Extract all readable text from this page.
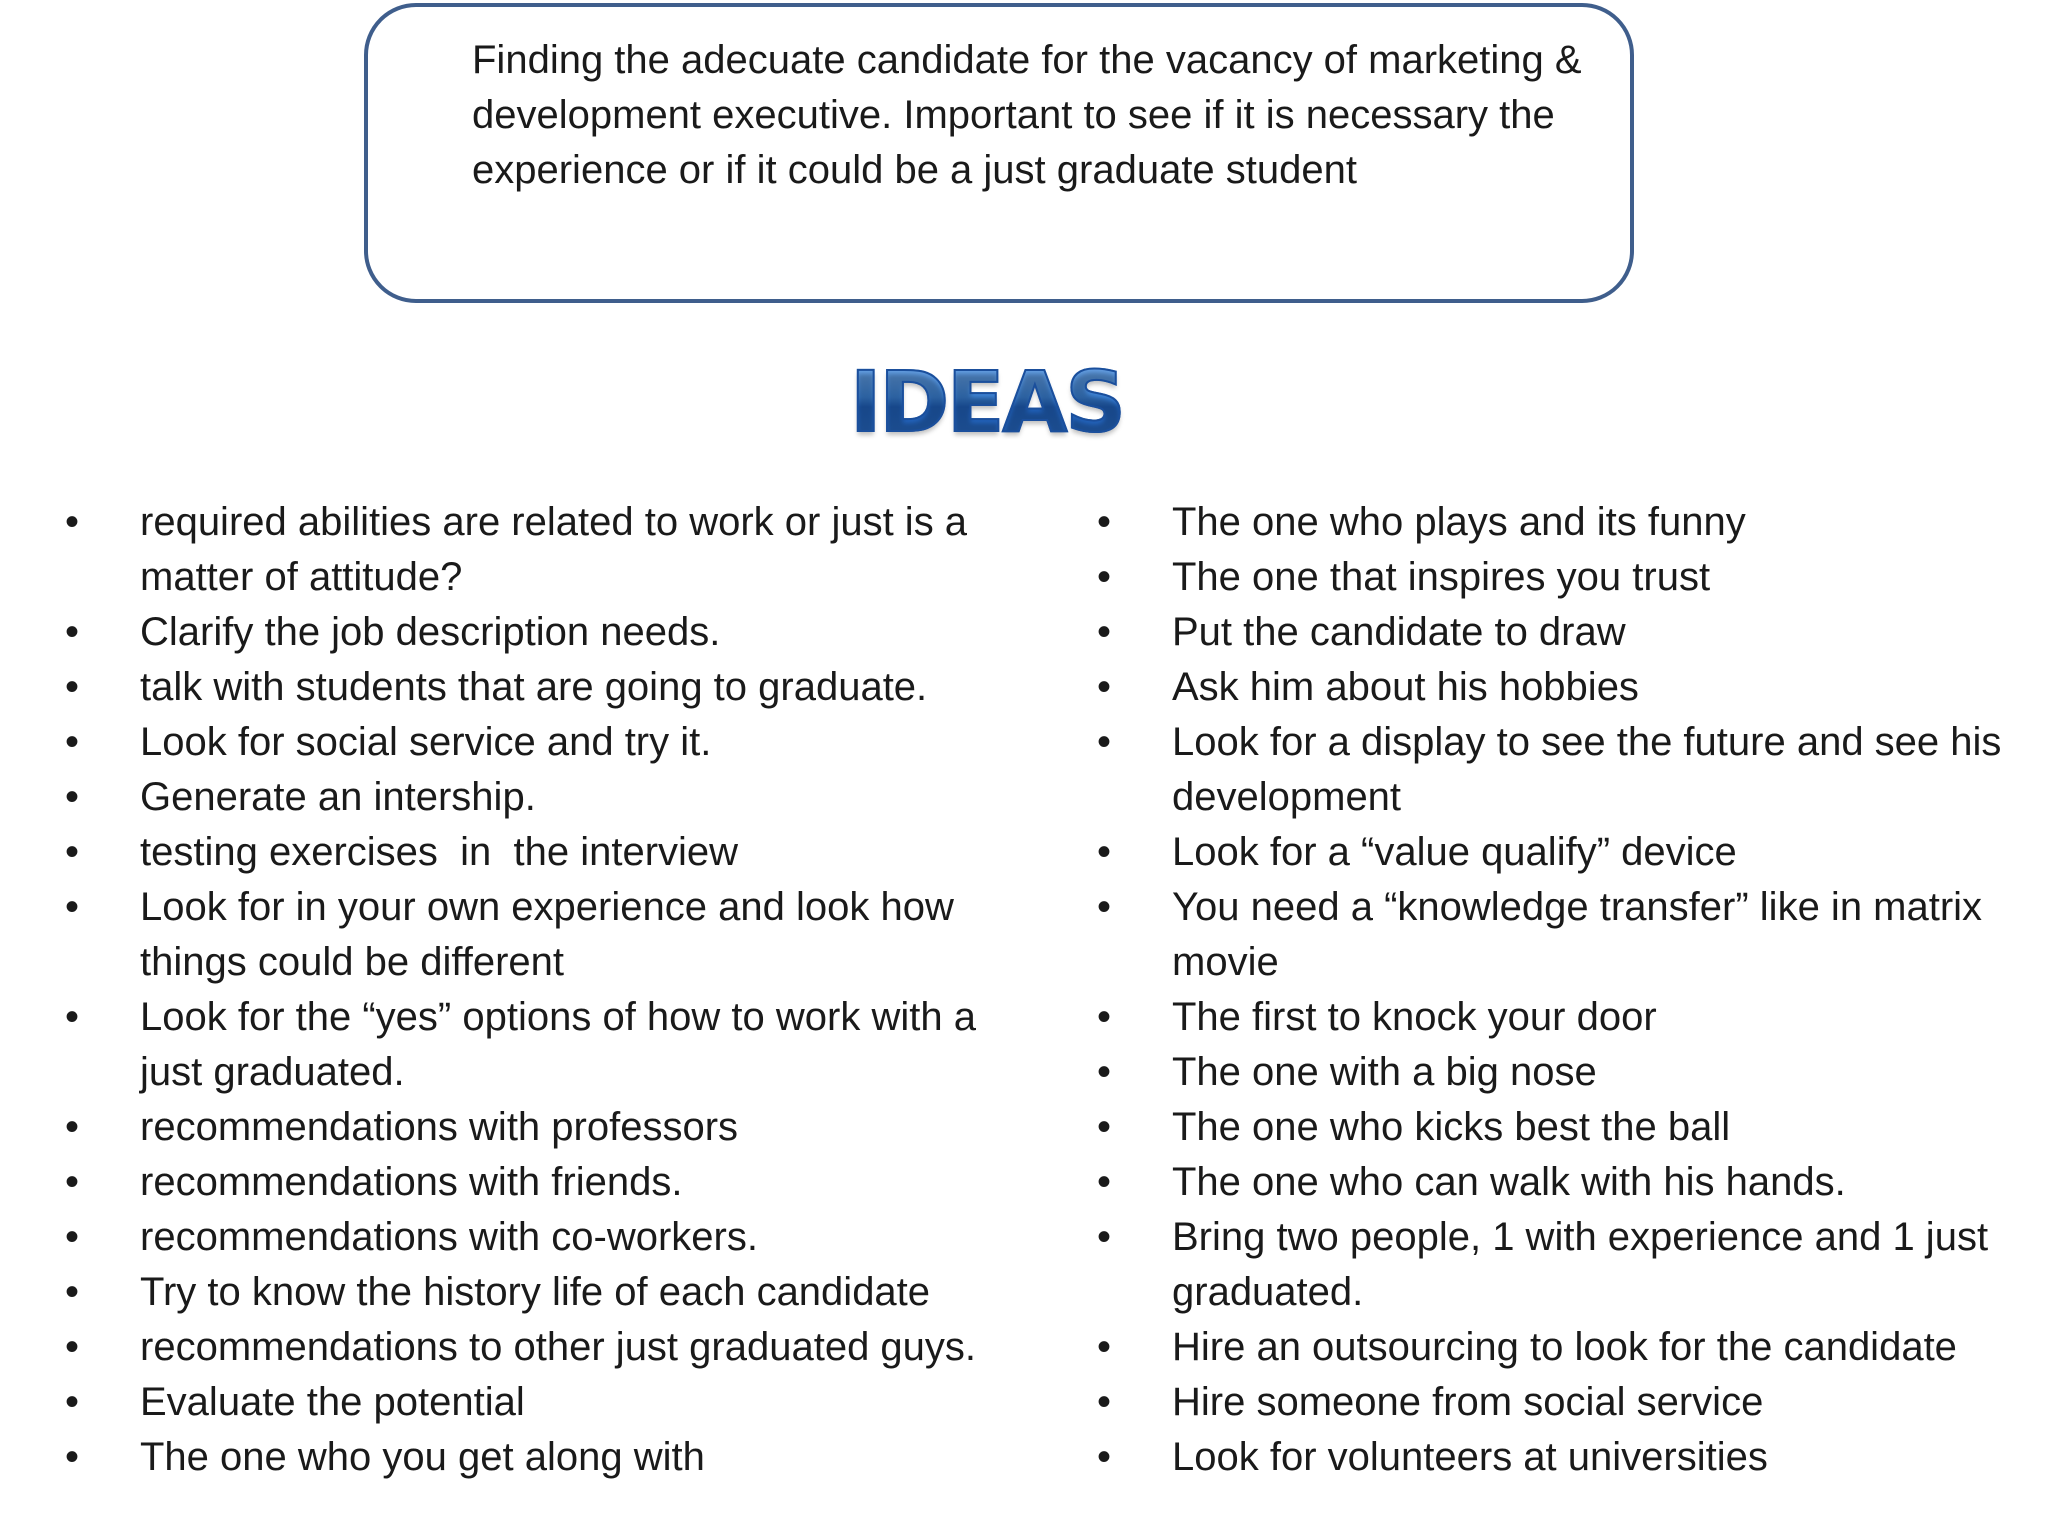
Finding the adecuate candidate for the vacancy of marketing & development executive. Important to see if it is necessary the experience or if it could be a just graduate student

IDEAS
• required abilities are related to work or just is a matter of attitude?
• Clarify the job description needs.
• talk with students that are going to graduate.
• Look for social service and try it.
• Generate an intership.
• testing exercises  in  the interview
• Look for in your own experience and look how things could be different
• Look for the “yes” options of how to work with a just graduated.
• recommendations with professors
• recommendations with friends.
• recommendations with co-workers.
• Try to know the history life of each candidate
• recommendations to other just graduated guys.
• Evaluate the potential
• The one who you get along with
• The one who plays and its funny
• The one that inspires you trust
• Put the candidate to draw
• Ask him about his hobbies
• Look for a display to see the future and see his development
• Look for a “value qualify” device
• You need a “knowledge transfer” like in matrix movie
• The first to knock your door
• The one with a big nose
• The one who kicks best the ball
• The one who can walk with his hands.
• Bring two people, 1 with experience and 1 just graduated.
• Hire an outsourcing to look for the candidate
• Hire someone from social service
• Look for volunteers at universities
